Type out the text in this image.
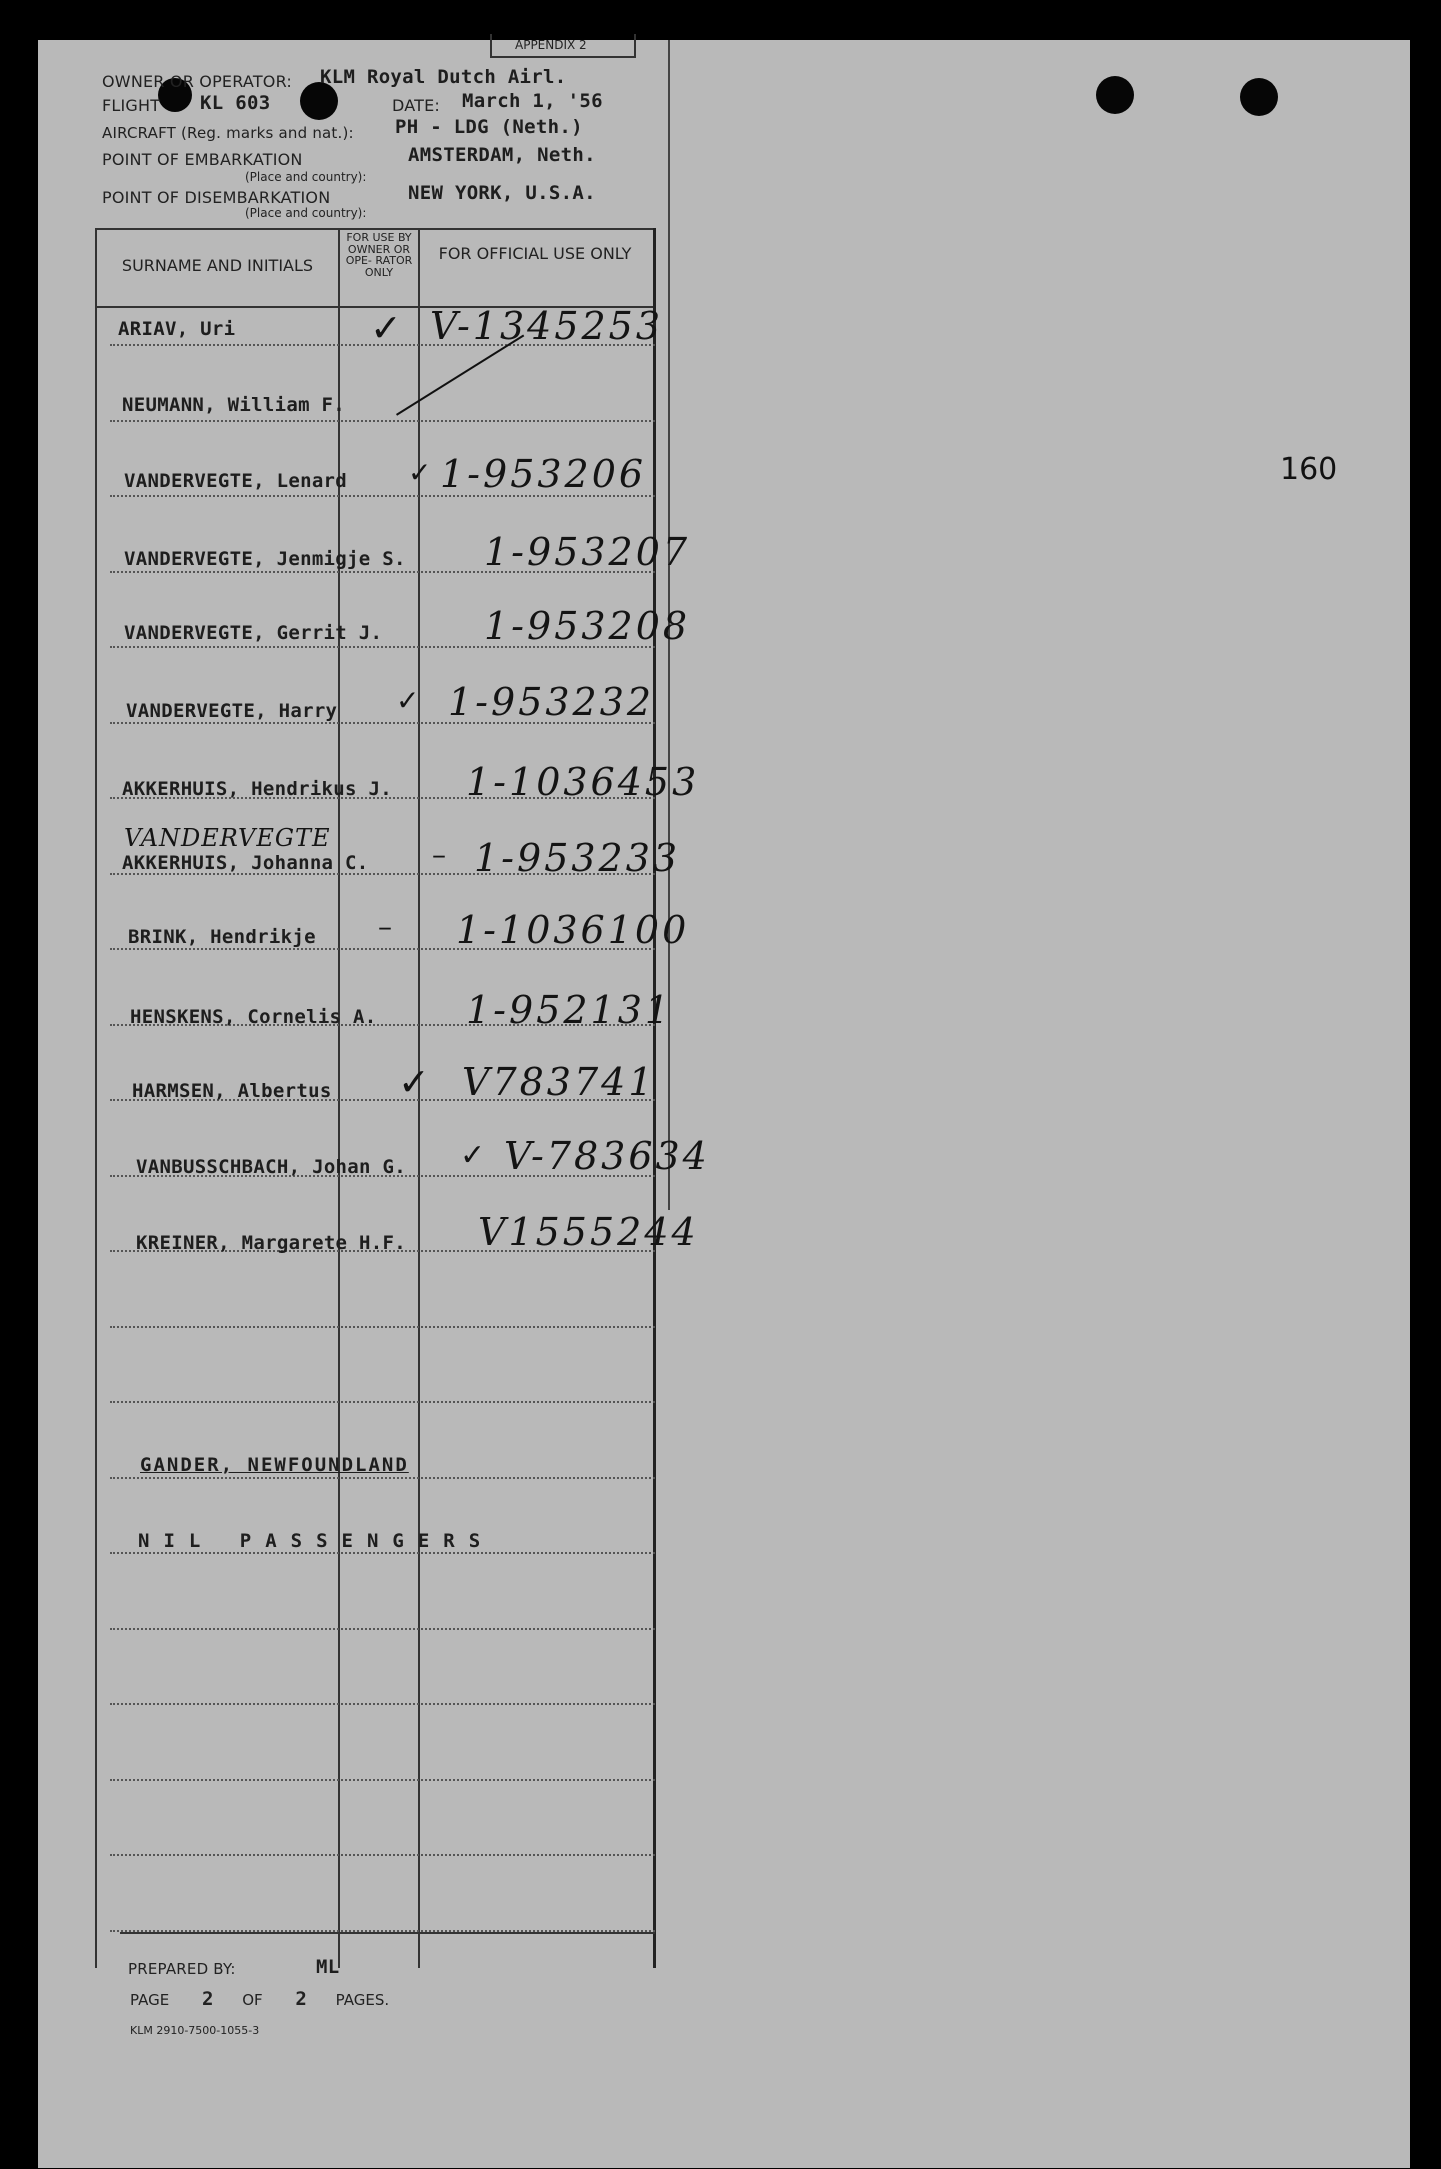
APPENDIX 2
OWNER OR OPERATOR: KLM Royal Dutch Airl.
FLIGHT KL 603	DATE: March 1, '56
AIRCRAFT (Reg. marks and nat.): PH - LDG (Neth.)
POINT OF EMBARKATION
(Place and country):
AMSTERDAM, Neth.
POINT OF DISEMBARKATION
(Place and country):
NEW YORK, U.S.A.
SURNAME AND INITIALS
FOR USE BY OWNER OR OPE- RATOR ONLY
FOR OFFICIAL USE ONLY
160
ARIAV, Uri	✓ V-1345253
NEUMANN, William F.
VANDERVEGTE, Lenard ✓ 1-953206
VANDERVEGTE, Jenmigje S. 1-953207
VANDERVEGTE, Gerrit J.	1-953208
VANDERVEGTE, Harry ✓ 1-953232
AKKERHUIS, Hendrikus J. 1-1036453
VANDERVEGTE
AKKERHUIS, Johanna C. – 1-953233
BRINK, Hendrikje – 1-1036100
HENSKENS, Cornelis A. 1-952131
HARMSEN, Albertus ✓ V783741
VANBUSSCHBACH, Johan G. ✓ V-783634
KREINER, Margarete H.F. V1555244
GANDER, NEWFOUNDLAND
NIL PASSENGERS
PREPARED BY:	ML
PAGE 2 OF 2 PAGES.
KLM 2910-7500-1055-3
